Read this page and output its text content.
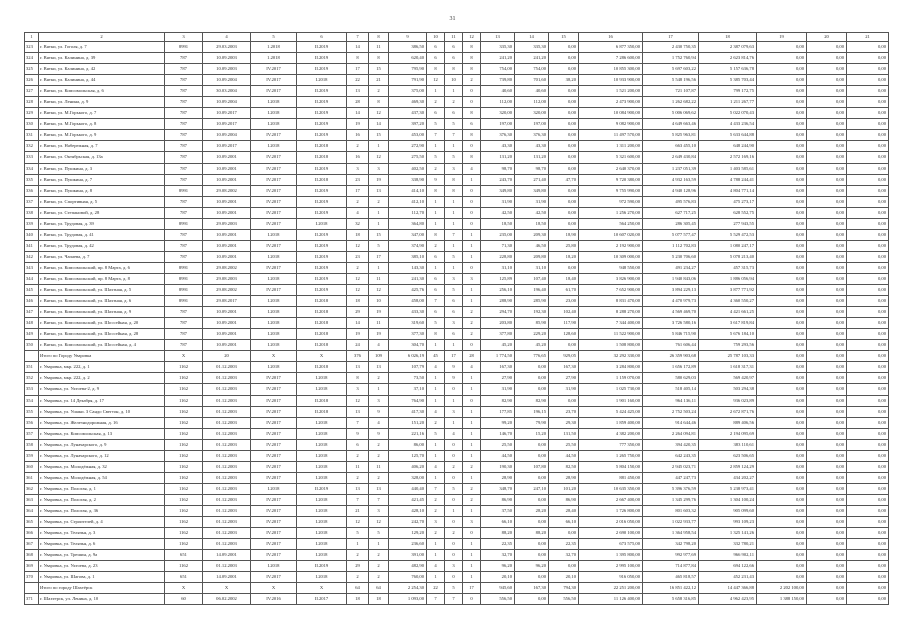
31
1	2	3	4	5	6	7	8	9	10	11	12	13	14	15	16	17	18	19	20	21
323	г. Вятки, ул. Гоголя, д. 7	8991	29.03.2003	1.2018	II.2019	14	11	386,50	6	6	8	335,30	335,30	0,00	6 877 350,00	2 430 750,35	2 387 079,63	0,00	0,00	0,00
324	г. Вятки, ул. Калинина, д. 39	787	10.09.2003	1.2018	II.2019	8	8	620,40	6	6	8	241,20	241,20	0,00	7 286 600,00	1 752 760,94	2 623 814,76	0,00	0,00	0,00
325	г. Вятки, ул. Калинина, д. 42	787	10.09.2003	IV.2017	II.2019	17	15	795,90	8	8	8	754,00	754,00	0,00	10 855 300,00	5 697 603,22	5 157 636,78	0,00	0,00	0,00
326	г. Вятки, ул. Калинина, д. 44	787	10.09.2004	IV.2017	I.2018	22	21	791,90	12	10	2	739,80	701,60	38,20	10 933 900,00	5 548 196,56	5 385 703,44	0,00	0,00	0,00
327	г. Вятки, ул. Комсомольская, д. 6	787	30.03.2004	IV.2017	II.2019	13	2	375,00	1	1	0	40,60	40,60	0,00	1 521 200,00	721 107,87	799 172,75	0,00	0,00	0,00
328	г. Вятки, ул. Ленина, д. 9	787	10.09.2004	I.2018	II.2019	28	8	469,30	2	2	0	112,00	112,00	0,00	2 473 900,00	1 262 682,22	1 211 267,77	0,00	0,00	0,00
329	г. Вятки, ул. М.Горького, д. 7	787	10.09.2017	I.2018	II.2019	14	12	437,30	6	6	8	320,00	320,00	0,00	10 084 900,00	5 006 069,62	5 022 070,43	0,00	0,00	0,00
330	г. Вятки, ул. М.Горького, д. 8	787	10.09.2017	I.2018	II.2019	19	14	397,20	5	5	6	197,00	197,00	0,00	9 082 900,00	4 649 663,46	4 433 236,54	0,00	0,00	0,00
331	г. Вятки, ул. М.Горького, д. 9	787	10.09.2004	IV.2017	II.2019	16	15	453,00	7	7	8	376,30	376,30	0,00	11 497 570,00	5 825 963,81	5 633 644,88	0,00	0,00	0,00
332	г. Вятки, ул. Набережная, д. 7	787	10.09.2017	I.2018	II.2018	2	1	272,90	1	1	0	43,30	43,30	0,00	1 311 200,00	663 455,10	648 244,90	0,00	0,00	0,00
333	г. Вятки, ул. Октябрьская, д. 13а	787	10.09.2001	IV.2017	II.2018	16	12	275,50	5	5	8	131,20	131,20	0,00	5 321 600,00	2 649 430,84	2 572 169,16	0,00	0,00	0,00
334	г. Вятки, ул. Пушкина, д. 3	787	10.09.2001	IV.2017	II.2019	3	3	402,50	2	3	4	98,70	98,70	0,00	2 640 370,00	1 237 051,39	1 403 585,61	0,00	0,00	0,00
335	г. Вятки, ул. Пушкина, д. 7	787	10.09.2001	IV.2017	II.2018	23	19	338,90	9	8	1	243,70	271,40	47,70	9 720 380,00	4 932 163,59	4 788 244,41	0,00	0,00	0,00
336	г. Вятки, ул. Пушкина, д. 8	8991	29.08.2002	IV.2017	II.2019	17	13	414,10	8	8	0	349,80	349,80	0,00	9 755 990,00	4 940 128,96	4 804 771,14	0,00	0,00	0,00
337	г. Вятки, ул. Спортивная, д. 5	787	10.09.2001	IV.2017	II.2019	2	2	412,10	1	1	0	31,90	31,90	0,00	972 590,00	495 576,83	475 273,17	0,00	0,00	0,00
338	г. Вятки, ул. Степановой, д. 28	787	10.09.2001	IV.2017	II.2019	4	1	112,70	1	1	0	42,50	42,50	0,00	1 256 270,00	627 717,25	628 552,75	0,00	0,00	0,00
339	г. Вятки, ул. Трудовая, д. 39	8991	29.09.2003	IV.2017	I.2018	32	1	364,80	1	1	0	18,50	18,50	0,00	564 250,00	286 305,45	277 943,55	0,00	0,00	0,00
340	г. Вятки, ул. Трудовая, д. 41	787	10.09.2001	I.2018	II.2019	18	15	347,00	8	7	1	235,00	209,30	18,90	10 607 020,00	5 077 577,47	5 529 472,53	0,00	0,00	0,00
341	г. Вятки, ул. Трудовая, д. 42	787	10.09.2001	IV.2017	II.2019	12	5	374,90	2	1	1	71,30	46,50	25,80	2 192 900,00	1 112 702,83	1 080 247,17	0,00	0,00	0,00
342	г. Вятки, ул. Чапаева, д. 7	787	10.09.2001	I.2018	II.2019	23	17	385,10	6	5	1	228,80	209,80	18,20	10 309 000,00	5 230 706,60	5 078 213,40	0,00	0,00	0,00
343	г. Вятки, ул. Комсомольский, пр. 8 Марта, д. 6	8991	29.08.2002	IV.2017	II.2019	2	1	143,30	1	1	0	31,10	31,10	0,00	948 550,00	491 234,27	457 315,73	0,00	0,00	0,00
344	г. Вятки, ул. Комсомольский, пр. 8 Марта, д. 8	8991	29.08.2003	I.2018	II.2019	12	11	241,30	6	3	3	125,89	107,40	18,40	3 826 900,00	1 940 843,06	1 886 056,94	0,00	0,00	0,00
345	г. Вятки, ул. Комсомольский, ул. Шахтная, д. 5	8991	29.08.2002	IV.2017	II.2019	12	12	425,76	6	5	1	256,10	196,40	61,70	7 652 900,00	3 894 229,13	3 877 771,92	0,00	0,00	0,00
346	г. Вятки, ул. Комсомольский, ул. Шахтная, д. 6	8991	29.08.2017	I.2018	II.2018	18	10	458,00	7	6	1	288,90	285,90	23,00	8 831 470,00	4 470 979,73	4 360 550,27	0,00	0,00	0,00
347	г. Вятки, ул. Комсомольский, ул. Шахтная, д. 9	787	10.09.2001	I.2018	II.2018	29	19	433,30	6	6	2	294,70	192,30	102,40	8 288 270,00	4 569 469,70	4 421 661,25	0,00	0,00	0,00
348	г. Вятки, ул. Комсомольский, ул. Шоссейная, д. 20	787	10.09.2001	I.2018	II.2018	14	11	319,60	5	3	2	203,80	85,90	117,90	7 344 400,00	3 726 580,16	3 617 819,84	0,00	0,00	0,00
349	г. Вятки, ул. Комсомольский, ул. Шоссейная, д. 28	787	10.09.2001	I.2018	II.2018	19	19	377,30	8	6	2	377,80	229,20	128,60	11 522 900,00	5 846 715,90	5 676 184,10	0,00	0,00	0,00
350	г. Вятки, ул. Комсомольский, ул. Шоссейная, д. 4	787	10.09.2001	I.2018	II.2018	24	4	304,70	1	1	0	45,20	45,20	0,00	1 508 800,00	761 606,44	759 293,56	0,00	0,00	0,00
	Итого по Городу Уваровка	X	20	X	X	376	109	6 026,19	45	17	28	1 774,50	776,65	929,05	32 292 330,00	26 359 903,68	25 787 103,33	0,00	0,00	0,00
351	г. Уваровка, мкр. 222, д. 1	1162	01.12.2003	I.2018	II.2018	13	13	107,79	4	9	4	167,30	0,00	167,30	3 284 800,00	1 656 172,89	1 618 317,31	0,00	0,00	0,00
352	г. Уваровка, мкр. 222, д. 2	1162	01.12.2003	IV.2017	I.2018	8	2	73,50	1	9	1	27,90	0,00	27,90	1 159 070,00	580 629,03	569 420,97	0,00	0,00	0,00
353	г. Уваровка, ул. Уктоева-2, д. 9	1162	01.12.2003	IV.2017	I.2018	3	1	37,10	1	0	1	31,90	0,00	31,90	1 025 730,00	518 405,14	503 294,38	0,00	0,00	0,00
354	г. Уваровка, ул. 14 Декабря, д. 17	1162	01.12.2003	IV.2017	II.2018	12	3	764,90	1	1	0	82,90	82,90	0,00	1 901 160,00	964 136,11	936 023,89	0,00	0,00	0,00
355	г. Уваровка, ул. Ушаки. 3 Сандо Свегтон, д. 10	1162	01.12.2003	IV.2017	II.2018	13	9	417,30	4	3	1	177,85	196,15	23,70	5 424 425,00	2 752 503,24	2 672 871,76	0,00	0,00	0,00
356	г. Уваровка, ул. Железнодорожная, д. 16	1162	01.12.2003	IV.2017	I.2018	7	4	151,20	2	1	1	99,20	79,90	29,30	1 859 400,00	914 644,46	889 406,56	0,00	0,00	0,00
357	г. Уваровка, ул. Комсомольская, д. 13	1162	01.12.2003	IV.2017	I.2018	9	9	221,16	5	4	1	146,70	15,20	131,50	4 382 200,00	2 264 094,81	2 194 095,69	0,00	0,00	0,00
358	г. Уваровка, ул. Луначарского, д. 9	1162	01.12.2003	IV.2017	I.2018	6	2	86,00	1	0	1	25,50	0,00	25,50	777 350,00	394 420,35	383 110,61	0,00	0,00	0,00
359	г. Уваровка, ул. Луначарского, д. 12	1162	01.12.2003	IV.2017	I.2018	2	2	125,70	1	0	1	44,50	0,00	44,50	1 265 750,00	642 243,35	623 506,65	0,00	0,00	0,00
360	г. Уваровка, ул. Молодёжная, д. 32	1162	01.12.2003	IV.2017	I.2018	11	11	406,20	4	2	2	190,30	107,80	82,50	5 804 150,00	2 945 023,71	2 859 124,29	0,00	0,00	0,00
361	г. Уваровка, ул. Молодёжная, д. 54	1162	01.12.2003	IV.2017	I.2018	2	2	328,00	1	0	1	28,90	0,00	28,90	881 450,00	447 247,73	434 202,27	0,00	0,00	0,00
362	г. Уваровка, ул. Пологая, д. 1	1162	01.12.2003	I.2018	II.2019	13	13	440,40	7	5	2	348,70	247,10	101,20	10 635 350,00	5 396 376,59	5 238 973,41	0,00	0,00	0,00
363	г. Уваровка, ул. Пологая, д. 2	1162	01.12.2003	IV.2017	I.2018	7	7	421,45	2	0	2	86,90	0,00	86,90	2 667 400,00	1 345 299,76	1 304 100,24	0,00	0,00	0,00
364	г. Уваровка, ул. Пологая, д. 36	1162	01.12.2003	IV.2017	I.2018	21	3	428,10	2	1	1	37,50	28,20	28,40	1 726 800,00	801 603,32	905 099,60	0,00	0,00	0,00
365	г. Уваровка, ул. Строителей, д. 4	1162	01.12.2003	IV.2017	I.2018	12	12	242,70	3	0	3	66,10	0,00	66,10	2 016 050,00	1 022 933,77	993 109,23	0,00	0,00	0,00
366	г. Уваровка, ул. Телячья, д. 3	1162	01.12.2003	IV.2017	I.2018	5	5	129,20	2	2	0	88,20	88,20	0,00	2 690 100,00	1 364 958,54	1 325 141,26	0,00	0,00	0,00
367	г. Уваровка, ул. Телячья, д. 6	1162	01.12.2003	IV.2017	I.2018	1	1	236,60	1	0	1	22,35	0,00	22,35	673 575,00	342 798,20	332 780,21	0,00	0,00	0,00
368	г. Уваровка, ул. Трешин, д. 9а	651	14.09.2001	IV.2017	I.2018	2	2	391,00	1	0	1	32,70	0,00	32,70	1 395 800,00	992 977,69	966 902,11	0,00	0,00	0,00
369	г. Уваровка, ул. Уктоева, д. 23	1162	01.12.2003	I.2018	II.2019	29	2	482,90	4	3	1	96,20	96,20	0,00	2 995 100,00	714 877,84	694 122,66	0,00	0,00	0,00
370	г. Уваровка, ул. Шагова, д. 1	651	14.09.2001	IV.2017	I.2018	2	2	760,00	1	0	1	20,10	0,00	20,10	916 050,00	465 818,57	452 231,43	0,00	0,00	0,00
	Итого по городу Шахтёрск	X	X	X	X	64	64	2 254,30	22	5	17	945,60	167,30	794,30	22 251 200,00	16 851 422,12	14 447 366,88	2 202 100,00	0,00	0,00
371	г. Шахтерск, ул. Ленина, д. 10	60	06.02.2002	IV.2016	II.2017	18	18	1 093,00	7	7	0	556,50	0,00	556,50	11 126 400,00	5 658 316,85	4 962 423,95	1 388 150,00	0,00	0,00
